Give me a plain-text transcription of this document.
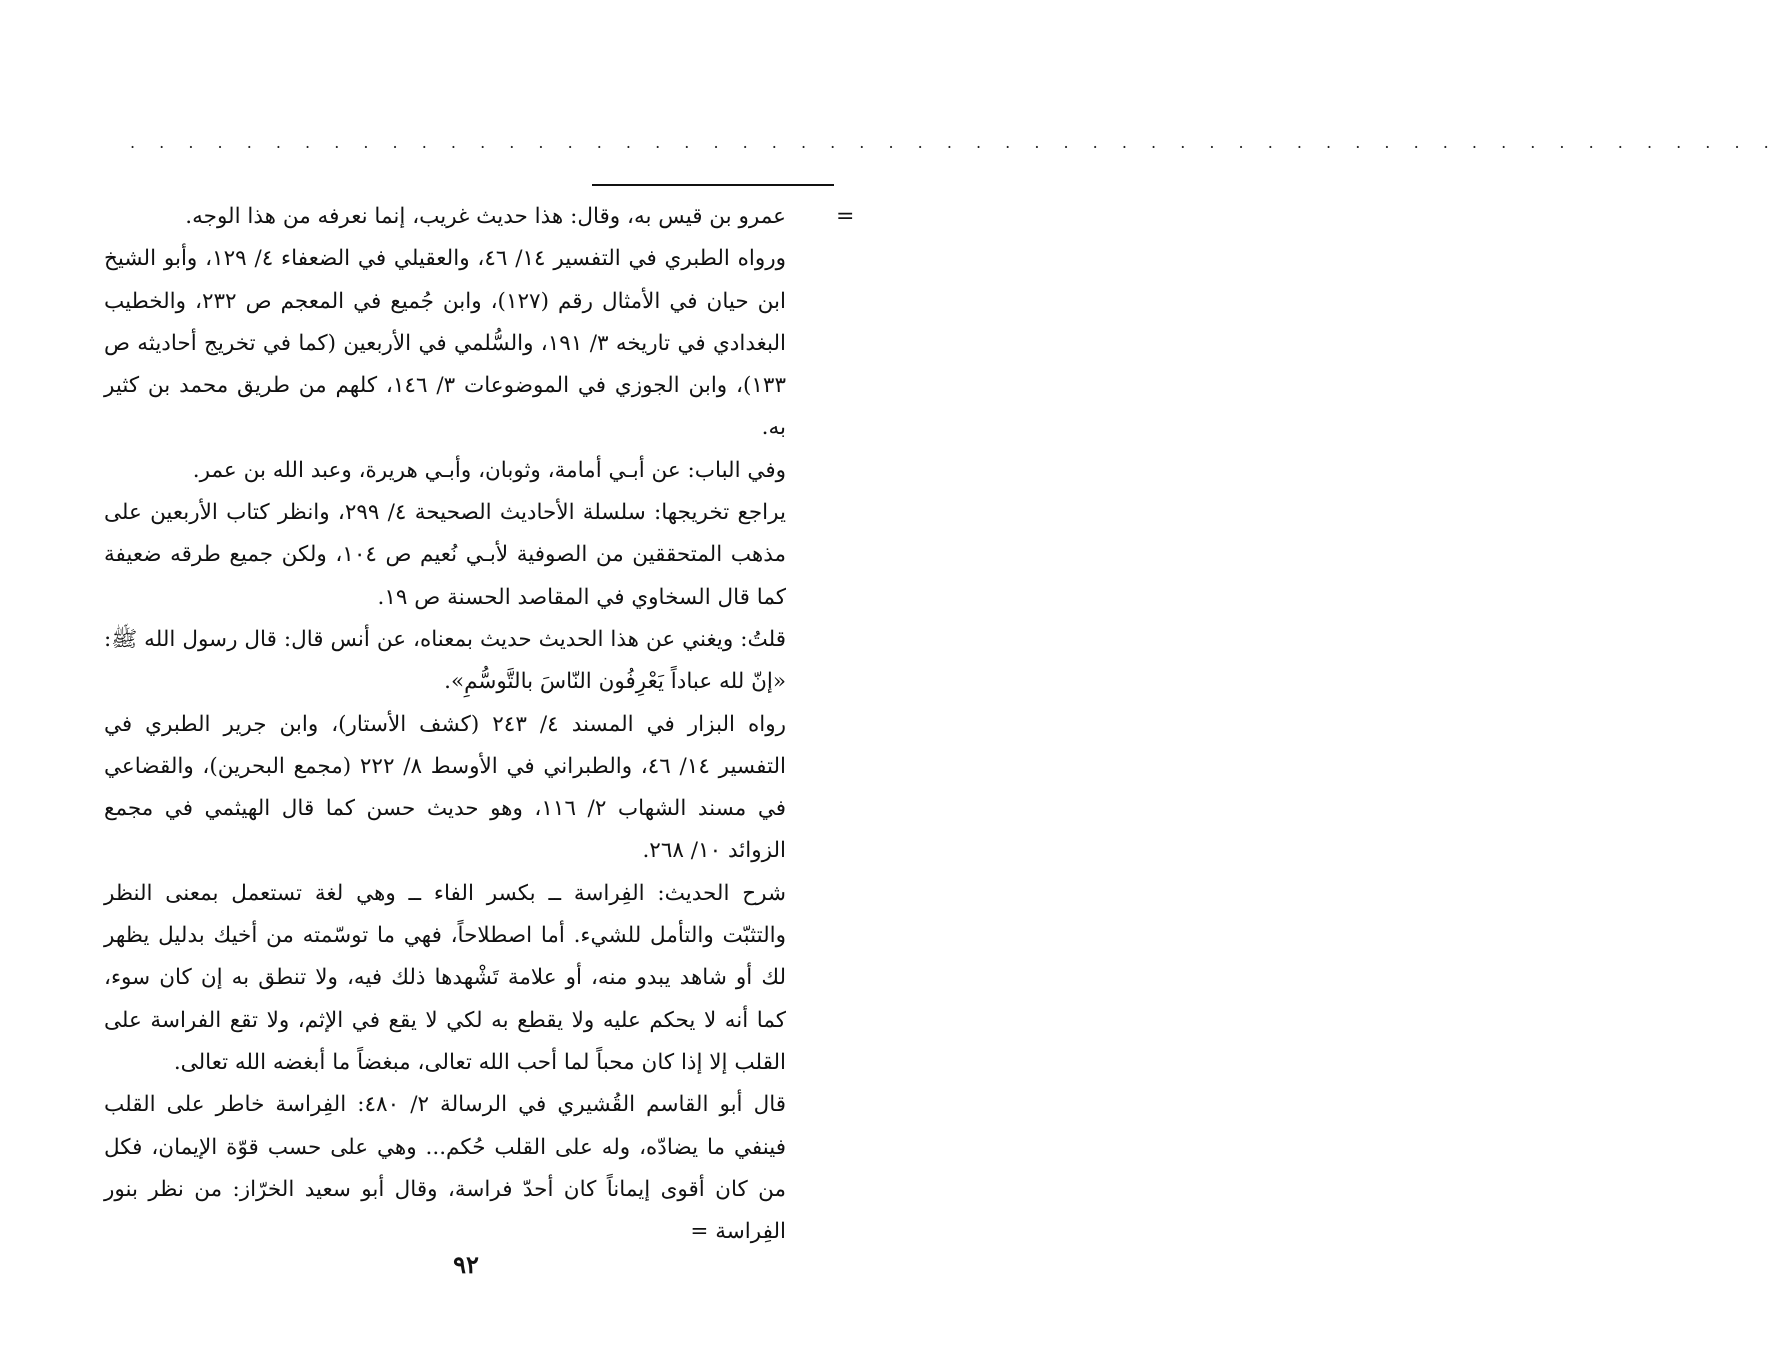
. . . . . . . . . . . . . . . . . . . . . . . . . . . . . . . . . . . . . . . . . . . . . . . . . . . . . . . . .
=

عمرو بن قيس به، وقال: هذا حديث غريب، إنما نعرفه من هذا الوجه.

ورواه الطبري في التفسير ١٤/ ٤٦، والعقيلي في الضعفاء ٤/ ١٢٩، وأبو الشيخ ابن حيان في الأمثال رقم (١٢٧)، وابن جُميع في المعجم ص ٢٣٢، والخطيب البغدادي في تاريخه ٣/ ١٩١، والسُّلمي في الأربعين (كما في تخريج أحاديثه ص ١٣٣)، وابن الجوزي في الموضوعات ٣/ ١٤٦، كلهم من طريق محمد بن كثير به.

وفي الباب: عن أبـي أمامة، وثوبان، وأبـي هريرة، وعبد الله بن عمر.

يراجع تخريجها: سلسلة الأحاديث الصحيحة ٤/ ٢٩٩، وانظر كتاب الأربعين على مذهب المتحققين من الصوفية لأبـي نُعيم ص ١٠٤، ولكن جميع طرقه ضعيفة كما قال السخاوي في المقاصد الحسنة ص ١٩.

قلتُ: ويغني عن هذا الحديث حديث بمعناه، عن أنس قال: قال رسول الله ﷺ: «إنّ لله عباداً يَعْرِفُون النّاسَ بالتَّوسُّمِ».

رواه البزار في المسند ٤/ ٢٤٣ (كشف الأستار)، وابن جرير الطبري في التفسير ١٤/ ٤٦، والطبراني في الأوسط ٨/ ٢٢٢ (مجمع البحرين)، والقضاعي في مسند الشهاب ٢/ ١١٦، وهو حديث حسن كما قال الهيثمي في مجمع الزوائد ١٠/ ٢٦٨.

شرح الحديث: الفِراسة ــ بكسر الفاء ــ وهي لغة تستعمل بمعنى النظر والتثبّت والتأمل للشيء. أما اصطلاحاً، فهي ما توسّمته من أخيك بدليل يظهر لك أو شاهد يبدو منه، أو علامة تَشْهدها ذلك فيه، ولا تنطق به إن كان سوء، كما أنه لا يحكم عليه ولا يقطع به لكي لا يقع في الإثم، ولا تقع الفراسة على القلب إلا إذا كان محباً لما أحب الله تعالى، مبغضاً ما أبغضه الله تعالى.

قال أبو القاسم القُشيري في الرسالة ٢/ ٤٨٠: الفِراسة خاطر على القلب فينفي ما يضادّه، وله على القلب حُكم... وهي على حسب قوّة الإيمان، فكل من كان أقوى إيماناً كان أحدّ فراسة، وقال أبو سعيد الخرّاز: من نظر بنور الفِراسة =

٩٢
